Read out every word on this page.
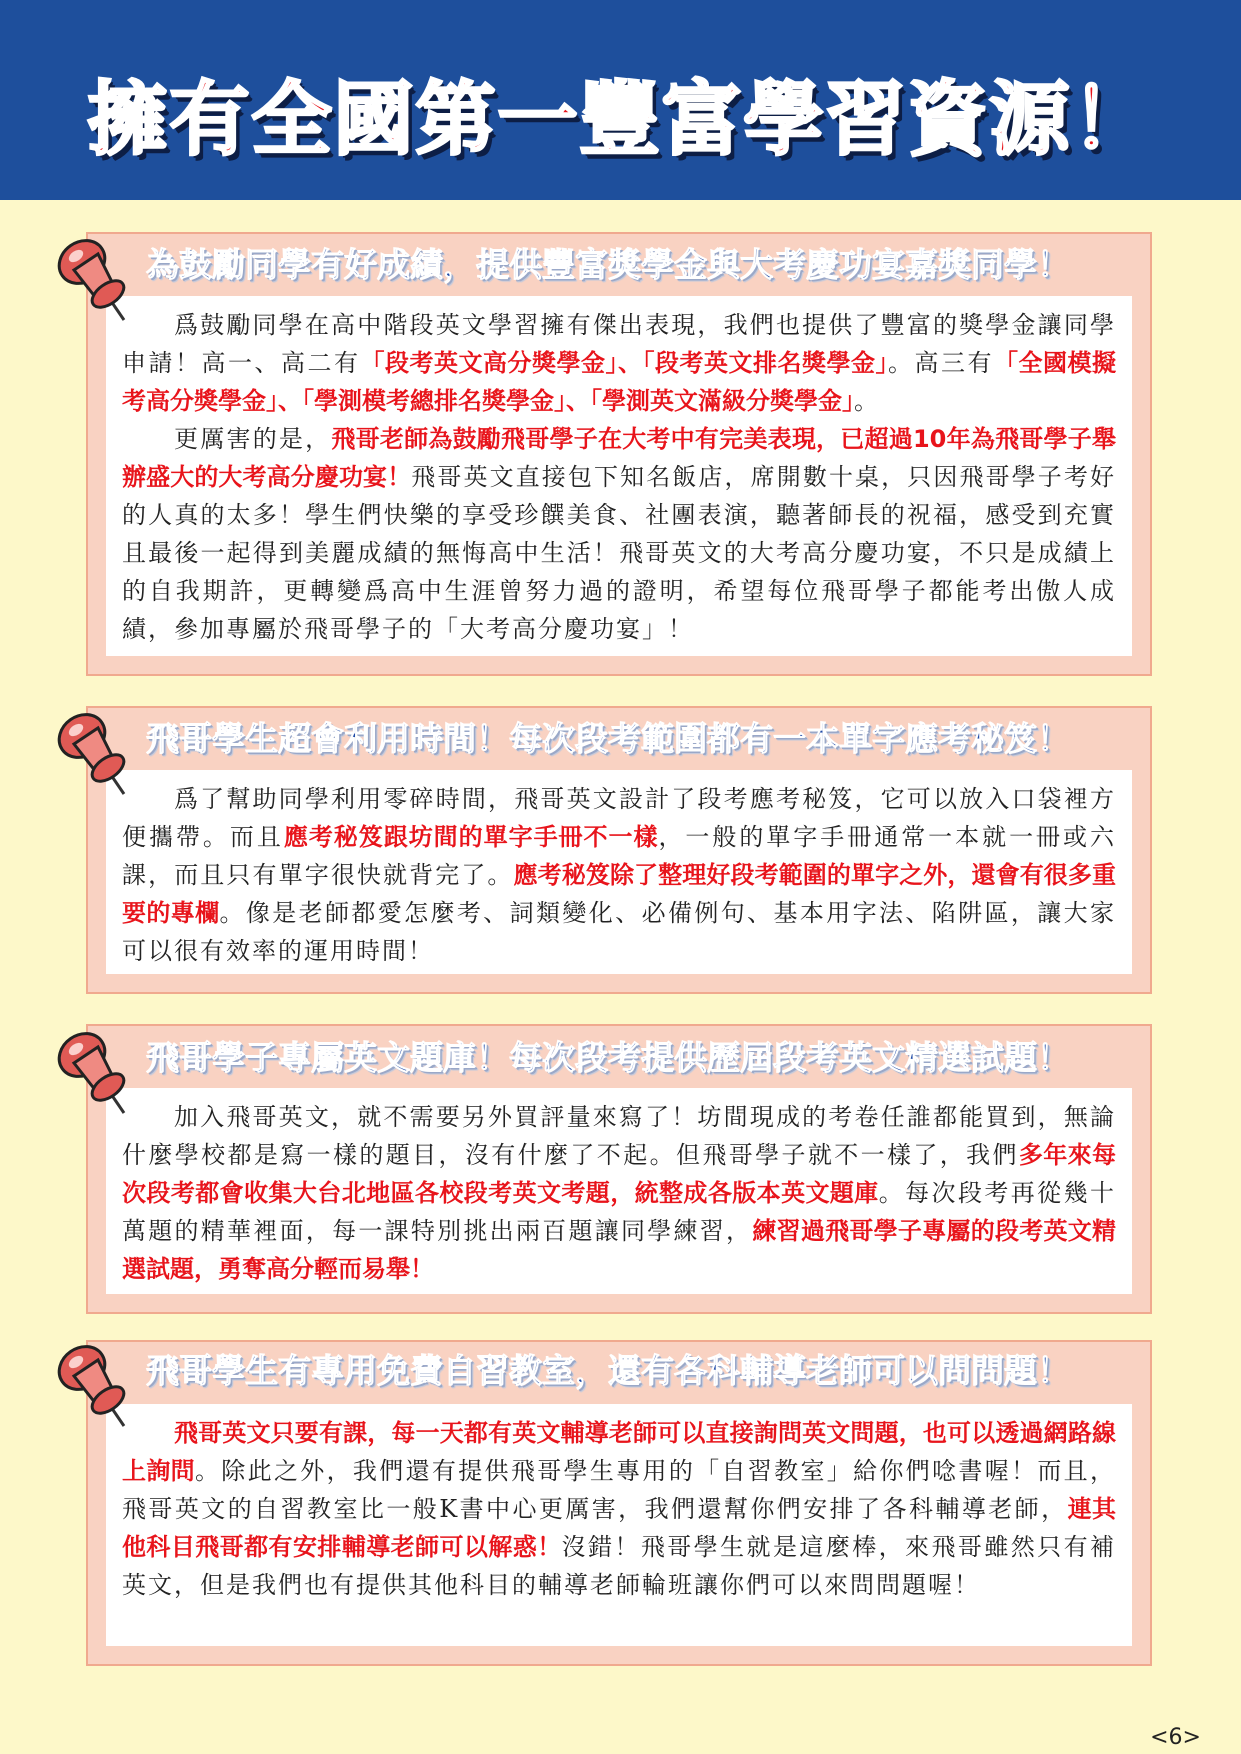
擁有全國第一豐富學習資源！

爲鼓勵同學在高中階段英文學習擁有傑出表現，我們也提供了豐富的獎學金讓同學申請！高一、高二有「段考英文高分獎學金」、「段考英文排名獎學金」。高三有「全國模擬考高分獎學金」、「學測模考總排名獎學金」、「學測英文滿級分獎學金」。

更厲害的是，飛哥老師為鼓勵飛哥學子在大考中有完美表現，已超過10年為飛哥學子舉辦盛大的大考高分慶功宴！飛哥英文直接包下知名飯店，席開數十桌，只因飛哥學子考好的人真的太多！學生們快樂的享受珍饌美食、社團表演，聽著師長的祝福，感受到充實且最後一起得到美麗成績的無悔高中生活！飛哥英文的大考高分慶功宴，不只是成績上的自我期許，更轉變爲高中生涯曾努力過的證明，希望每位飛哥學子都能考出傲人成績，參加專屬於飛哥學子的「大考高分慶功宴」！

為鼓勵同學有好成績，提供豐富獎學金與大考慶功宴嘉獎同學！

爲了幫助同學利用零碎時間，飛哥英文設計了段考應考秘笈，它可以放入口袋裡方便攜帶。而且應考秘笈跟坊間的單字手冊不一樣，一般的單字手冊通常一本就一冊或六課，而且只有單字很快就背完了。應考秘笈除了整理好段考範圍的單字之外，還會有很多重要的專欄。像是老師都愛怎麼考、詞類變化、必備例句、基本用字法、陷阱區，讓大家可以很有效率的運用時間！

飛哥學生超會利用時間！每次段考範圍都有一本單字應考秘笈！

加入飛哥英文，就不需要另外買評量來寫了！坊間現成的考卷任誰都能買到，無論什麼學校都是寫一樣的題目，沒有什麼了不起。但飛哥學子就不一樣了，我們多年來每次段考都會收集大台北地區各校段考英文考題，統整成各版本英文題庫。每次段考再從幾十萬題的精華裡面，每一課特別挑出兩百題讓同學練習，練習過飛哥學子專屬的段考英文精選試題，勇奪高分輕而易舉！

飛哥學子專屬英文題庫！每次段考提供歷屆段考英文精選試題！

飛哥英文只要有課，每一天都有英文輔導老師可以直接詢問英文問題，也可以透過網路線上詢問。除此之外，我們還有提供飛哥學生專用的「自習教室」給你們唸書喔！而且，飛哥英文的自習教室比一般K書中心更厲害，我們還幫你們安排了各科輔導老師，連其他科目飛哥都有安排輔導老師可以解惑！沒錯！飛哥學生就是這麼棒，來飛哥雖然只有補英文，但是我們也有提供其他科目的輔導老師輪班讓你們可以來問問題喔！

飛哥學生有專用免費自習教室，還有各科輔導老師可以問問題！
<6>
